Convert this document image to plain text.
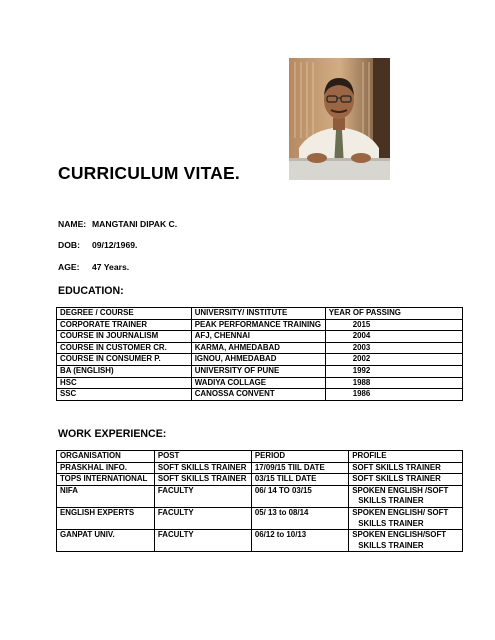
CURRICULUM VITAE.
NAME: MANGTANI DIPAK C.
DOB: 09/12/1969.
AGE: 47 Years.
EDUCATION:
DEGREE / COURSE	UNIVERSITY/ INSTITUTE	YEAR OF PASSING
CORPORATE TRAINER	PEAK PERFORMANCE TRAINING	2015
COURSE IN JOURNALISM	AFJ, CHENNAI	2004
COURSE IN CUSTOMER CR.	KARMA, AHMEDABAD	2003
COURSE IN CONSUMER P.	IGNOU, AHMEDABAD	2002
BA (ENGLISH)	UNIVERSITY OF PUNE	1992
HSC	WADIYA COLLAGE	1988
SSC	CANOSSA CONVENT	1986
WORK EXPERIENCE:
ORGANISATION	POST	PERIOD	PROFILE
PRASKHAL INFO.	SOFT SKILLS TRAINER	17/09/15 TIIL DATE	SOFT SKILLS TRAINER
TOPS INTERNATIONAL	SOFT SKILLS TRAINER	03/15 TILL DATE	SOFT SKILLS TRAINER
NIFA	FACULTY	06/ 14 TO 03/15	SPOKEN ENGLISH /SOFT
SKILLS TRAINER

ENGLISH EXPERTS	FACULTY	05/ 13 to 08/14	SPOKEN ENGLISH/ SOFT
SKILLS TRAINER

GANPAT UNIV.	FACULTY	06/12 to 10/13	SPOKEN ENGLISH/SOFT
SKILLS TRAINER
